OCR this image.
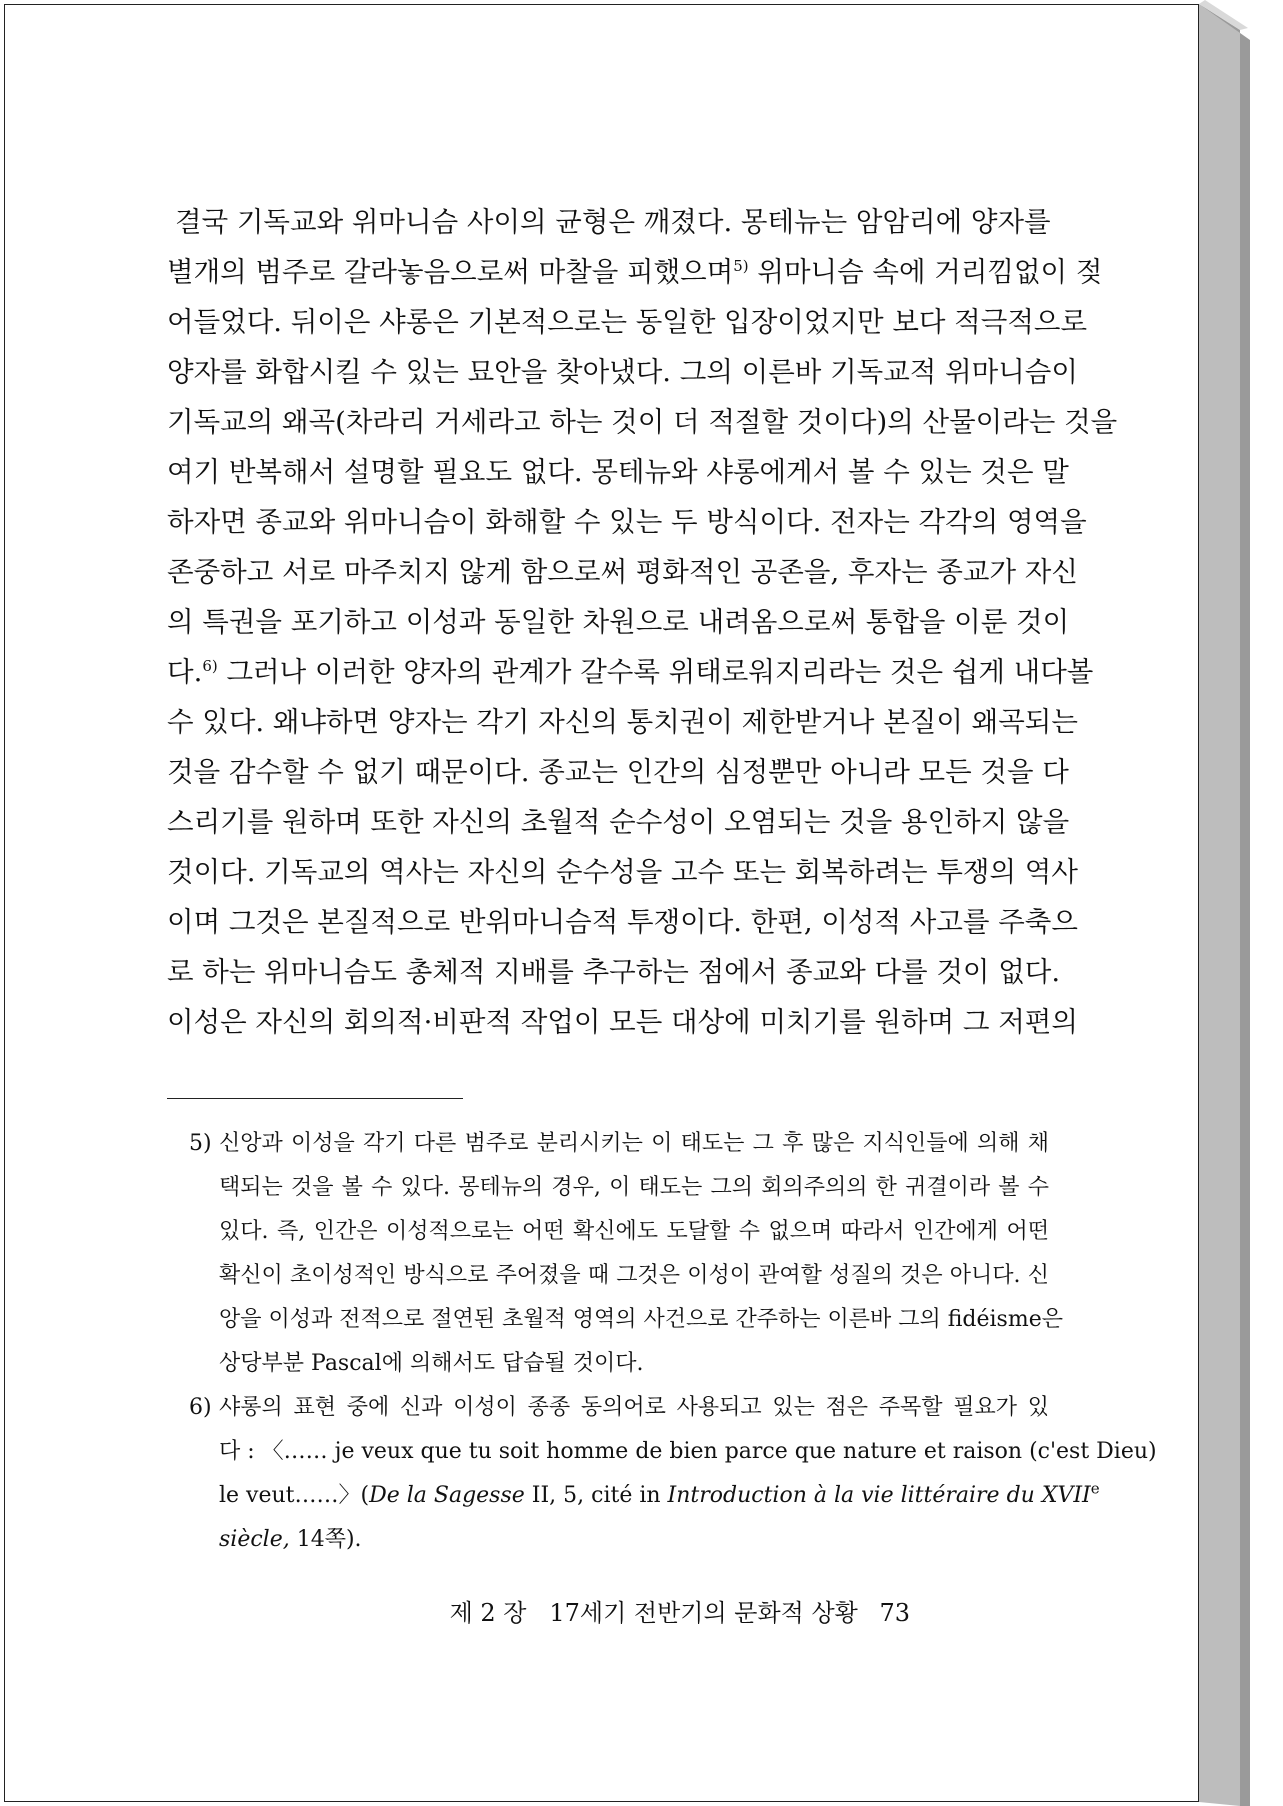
결국 기독교와 위마니슴 사이의 균형은 깨졌다. 몽테뉴는 암암리에 양자를
별개의 범주로 갈라놓음으로써 마찰을 피했으며$^{5)}$ 위마니슴 속에 거리낌없이 젖
어들었다. 뒤이은 샤롱은 기본적으로는 동일한 입장이었지만 보다 적극적으로
양자를 화합시킬 수 있는 묘안을 찾아냈다. 그의 이른바 기독교적 위마니슴이
기독교의 왜곡(차라리 거세라고 하는 것이 더 적절할 것이다)의 산물이라는 것을
여기 반복해서 설명할 필요도 없다. 몽테뉴와 샤롱에게서 볼 수 있는 것은 말
하자면 종교와 위마니슴이 화해할 수 있는 두 방식이다. 전자는 각각의 영역을
존중하고 서로 마주치지 않게 함으로써 평화적인 공존을, 후자는 종교가 자신
의 특권을 포기하고 이성과 동일한 차원으로 내려옴으로써 통합을 이룬 것이
다.$^{6)}$ 그러나 이러한 양자의 관계가 갈수록 위태로워지리라는 것은 쉽게 내다볼
수 있다. 왜냐하면 양자는 각기 자신의 통치권이 제한받거나 본질이 왜곡되는
것을 감수할 수 없기 때문이다. 종교는 인간의 심정뿐만 아니라 모든 것을 다
스리기를 원하며 또한 자신의 초월적 순수성이 오염되는 것을 용인하지 않을
것이다. 기독교의 역사는 자신의 순수성을 고수 또는 회복하려는 투쟁의 역사
이며 그것은 본질적으로 반위마니슴적 투쟁이다. 한편, 이성적 사고를 주축으
로 하는 위마니슴도 총체적 지배를 추구하는 점에서 종교와 다를 것이 없다.
이성은 자신의 회의적·비판적 작업이 모든 대상에 미치기를 원하며 그 저편의
5) 신앙과 이성을 각기 다른 범주로 분리시키는 이 태도는 그 후 많은 지식인들에 의해 채
택되는 것을 볼 수 있다. 몽테뉴의 경우, 이 태도는 그의 회의주의의 한 귀결이라 볼 수
있다. 즉, 인간은 이성적으로는 어떤 확신에도 도달할 수 없으며 따라서 인간에게 어떤
확신이 초이성적인 방식으로 주어졌을 때 그것은 이성이 관여할 성질의 것은 아니다. 신
앙을 이성과 전적으로 절연된 초월적 영역의 사건으로 간주하는 이른바 그의 fidéisme은
상당부분 Pascal에 의해서도 답습될 것이다.
6) 샤롱의 표현 중에 신과 이성이 종종 동의어로 사용되고 있는 점은 주목할 필요가 있
다 : 〈…… je veux que tu soit homme de bien parce que nature et raison (c'est Dieu)
le veut……〉(De la Sagesse II, 5, cité in Introduction à la vie littéraire du XVIIe
siècle, 14쪽).
제 2 장 17세기 전반기의 문화적 상황 73
